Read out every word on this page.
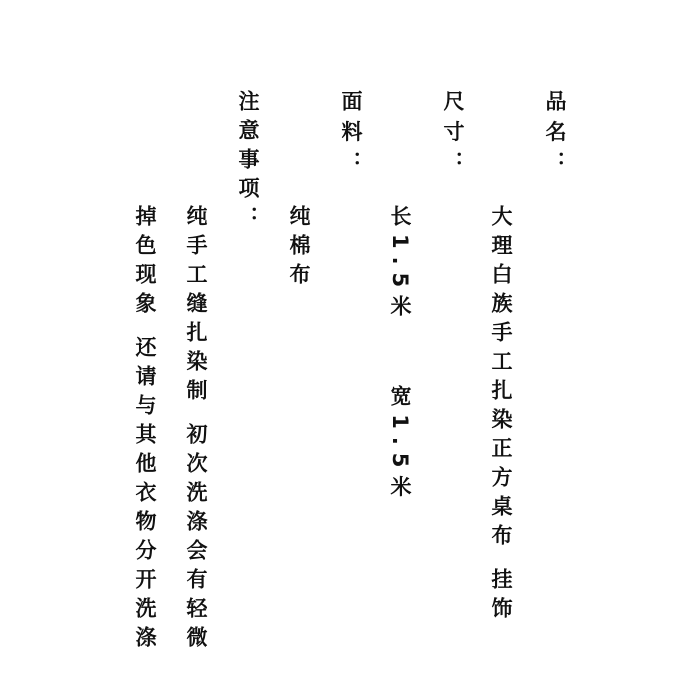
品名：
大理白族手工扎染正方桌布 挂饰
尺寸：
长1.5米    宽1.5米
面料：
纯棉布
注意事项：
纯手工缝扎染制 初次洗涤会有轻微
掉色现象 还请与其他衣物分开洗涤
